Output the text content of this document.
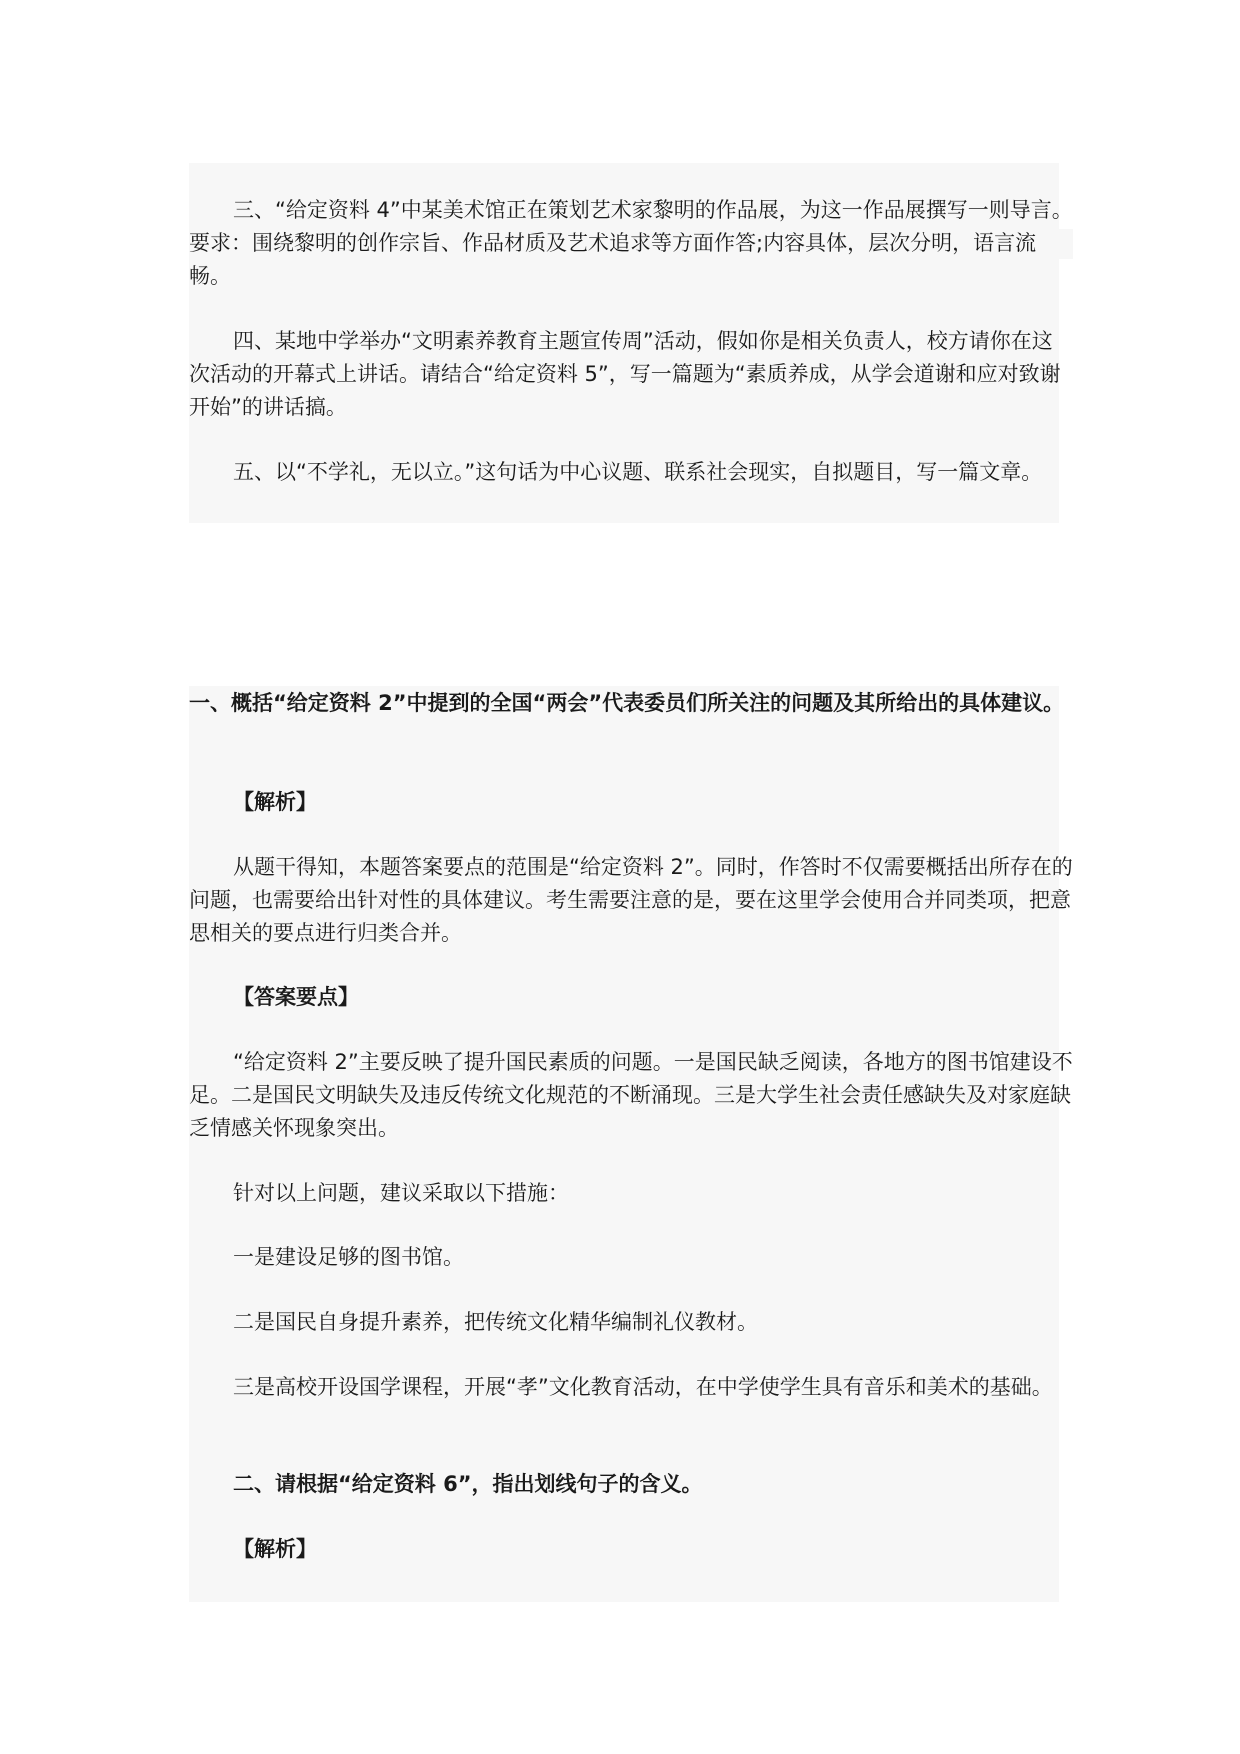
三、“给定资料 4”中某美术馆正在策划艺术家黎明的作品展，为这一作品展撰写一则导言。要求：围绕黎明的创作宗旨、作品材质及艺术追求等方面作答;内容具体，层次分明，语言流畅。

四、某地中学举办“文明素养教育主题宣传周”活动，假如你是相关负责人，校方请你在这次活动的开幕式上讲话。请结合“给定资料 5”，写一篇题为“素质养成，从学会道谢和应对致谢开始”的讲话搞。

五、以“不学礼，无以立。”这句话为中心议题、联系社会现实，自拟题目，写一篇文章。

一、概括“给定资料 2”中提到的全国“两会”代表委员们所关注的问题及其所给出的具体建议。

【解析】

从题干得知，本题答案要点的范围是“给定资料 2”。同时，作答时不仅需要概括出所存在的问题，也需要给出针对性的具体建议。考生需要注意的是，要在这里学会使用合并同类项，把意思相关的要点进行归类合并。

【答案要点】

“给定资料 2”主要反映了提升国民素质的问题。一是国民缺乏阅读，各地方的图书馆建设不足。二是国民文明缺失及违反传统文化规范的不断涌现。三是大学生社会责任感缺失及对家庭缺乏情感关怀现象突出。

针对以上问题，建议采取以下措施：

一是建设足够的图书馆。

二是国民自身提升素养，把传统文化精华编制礼仪教材。

三是高校开设国学课程，开展“孝”文化教育活动，在中学使学生具有音乐和美术的基础。

二、请根据“给定资料 6”，指出划线句子的含义。

【解析】
